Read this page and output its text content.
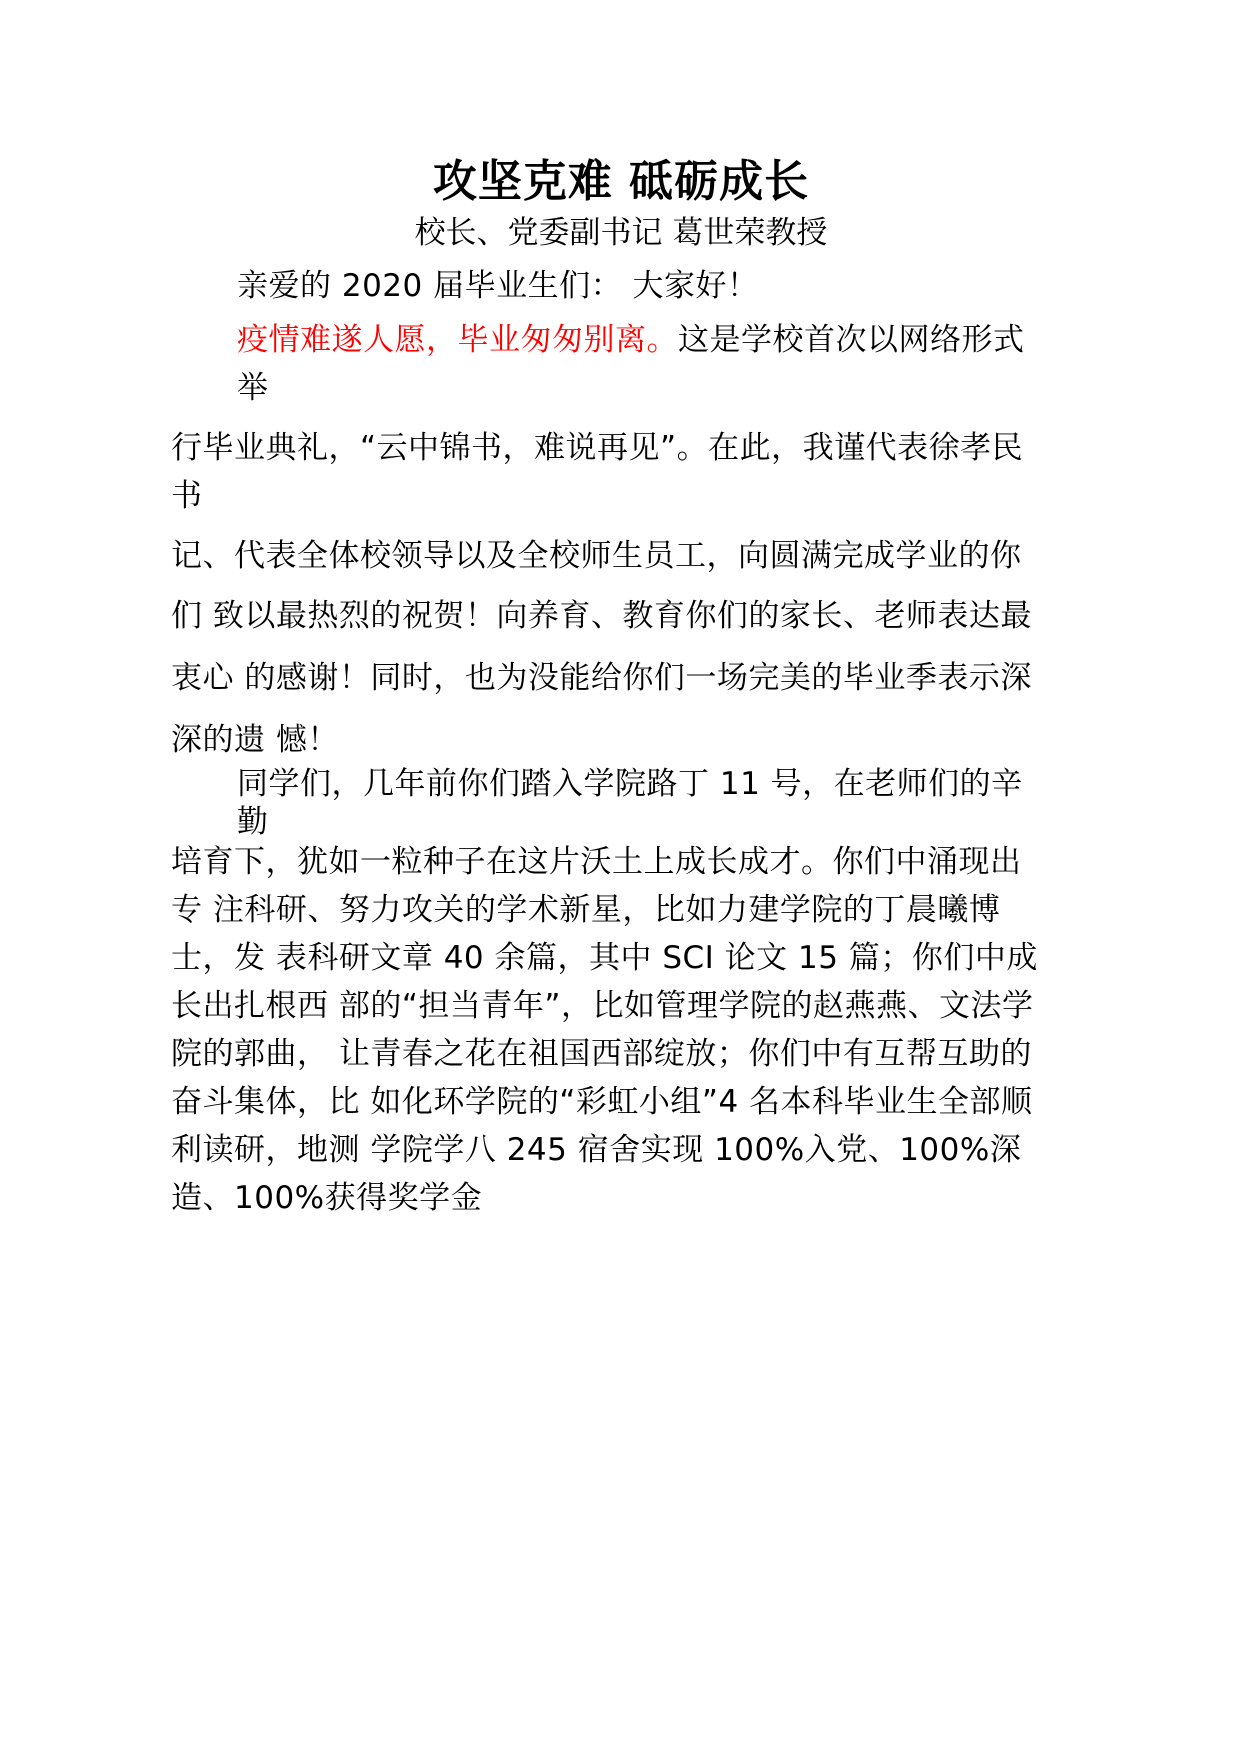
攻坚克难 砥砺成长
校长、党委副书记 葛世荣教授
亲爱的 2020 届毕业生们： 大家好！
疫情难遂人愿，毕业匆匆别离。这是学校首次以网络形式
举
行毕业典礼，“云中锦书，难说再见”。在此，我谨代表徐孝民
书
记、代表全体校领导以及全校师生员工，向圆满完成学业的你
们 致以最热烈的祝贺！向养育、教育你们的家长、老师表达最
衷心 的感谢！同时，也为没能给你们一场完美的毕业季表示深
深的遗 憾！
同学们，几年前你们踏入学院路丁 11 号，在老师们的辛
勤
培育下，犹如一粒种子在这片沃土上成长成才。你们中涌现出
专 注科研、努力攻关的学术新星，比如力建学院的丁晨曦博
士，发 表科研文章 40 余篇，其中 SCI 论文 15 篇；你们中成
长出扎根西 部的“担当青年”，比如管理学院的赵燕燕、文法学
院的郭曲， 让青春之花在祖国西部绽放；你们中有互帮互助的
奋斗集体，比 如化环学院的“彩虹小组”4 名本科毕业生全部顺
利读研，地测 学院学八 245 宿舍实现 100%入党、100%深
造、100%获得奖学金
